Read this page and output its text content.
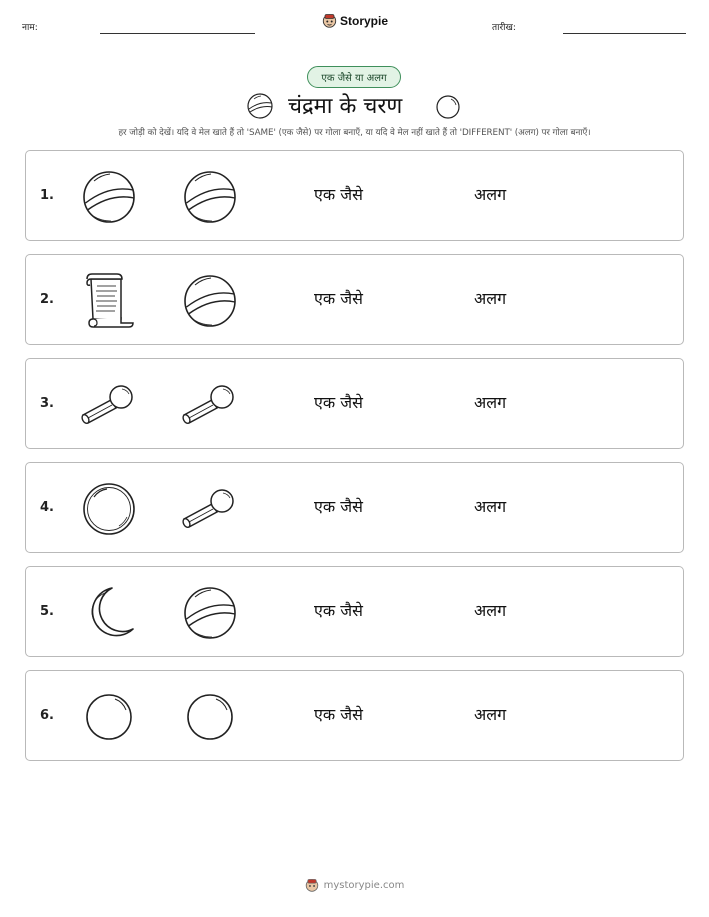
नाम:	Storypie	तारीख:
एक जैसे या अलग
चंद्रमा के चरण
हर जोड़ी को देखें। यदि वे मेल खाते हैं तो 'SAME' (एक जैसे) पर गोला बनाएँ, या यदि वे मेल नहीं खाते हैं तो 'DIFFERENT' (अलग) पर गोला बनाएँ।
1.	एक जैसे	अलग
2.	एक जैसे	अलग
3.	एक जैसे	अलग
4.	एक जैसे	अलग
5.	एक जैसे	अलग
6.	एक जैसे	अलग
mystorypie.com
